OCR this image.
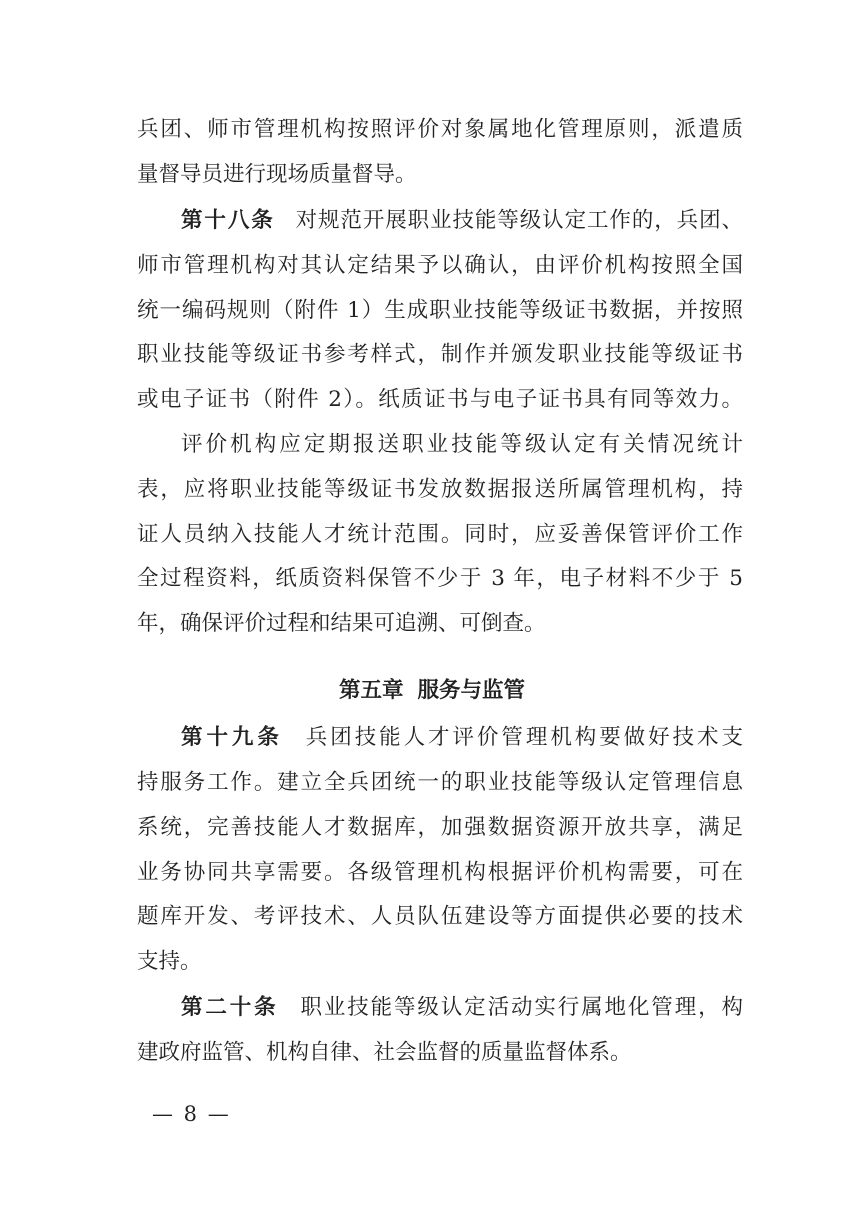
兵团、师市管理机构按照评价对象属地化管理原则，派遣质
量督导员进行现场质量督导。
第十八条 对规范开展职业技能等级认定工作的，兵团、
师市管理机构对其认定结果予以确认，由评价机构按照全国
统一编码规则（附件 1）生成职业技能等级证书数据，并按照
职业技能等级证书参考样式，制作并颁发职业技能等级证书
或电子证书（附件 2）。纸质证书与电子证书具有同等效力。
评价机构应定期报送职业技能等级认定有关情况统计
表，应将职业技能等级证书发放数据报送所属管理机构，持
证人员纳入技能人才统计范围。同时，应妥善保管评价工作
全过程资料，纸质资料保管不少于 3 年，电子材料不少于 5
年，确保评价过程和结果可追溯、可倒查。
第五章 服务与监管
第十九条 兵团技能人才评价管理机构要做好技术支
持服务工作。建立全兵团统一的职业技能等级认定管理信息
系统，完善技能人才数据库，加强数据资源开放共享，满足
业务协同共享需要。各级管理机构根据评价机构需要，可在
题库开发、考评技术、人员队伍建设等方面提供必要的技术
支持。
第二十条 职业技能等级认定活动实行属地化管理，构
建政府监管、机构自律、社会监督的质量监督体系。
— 8 —
